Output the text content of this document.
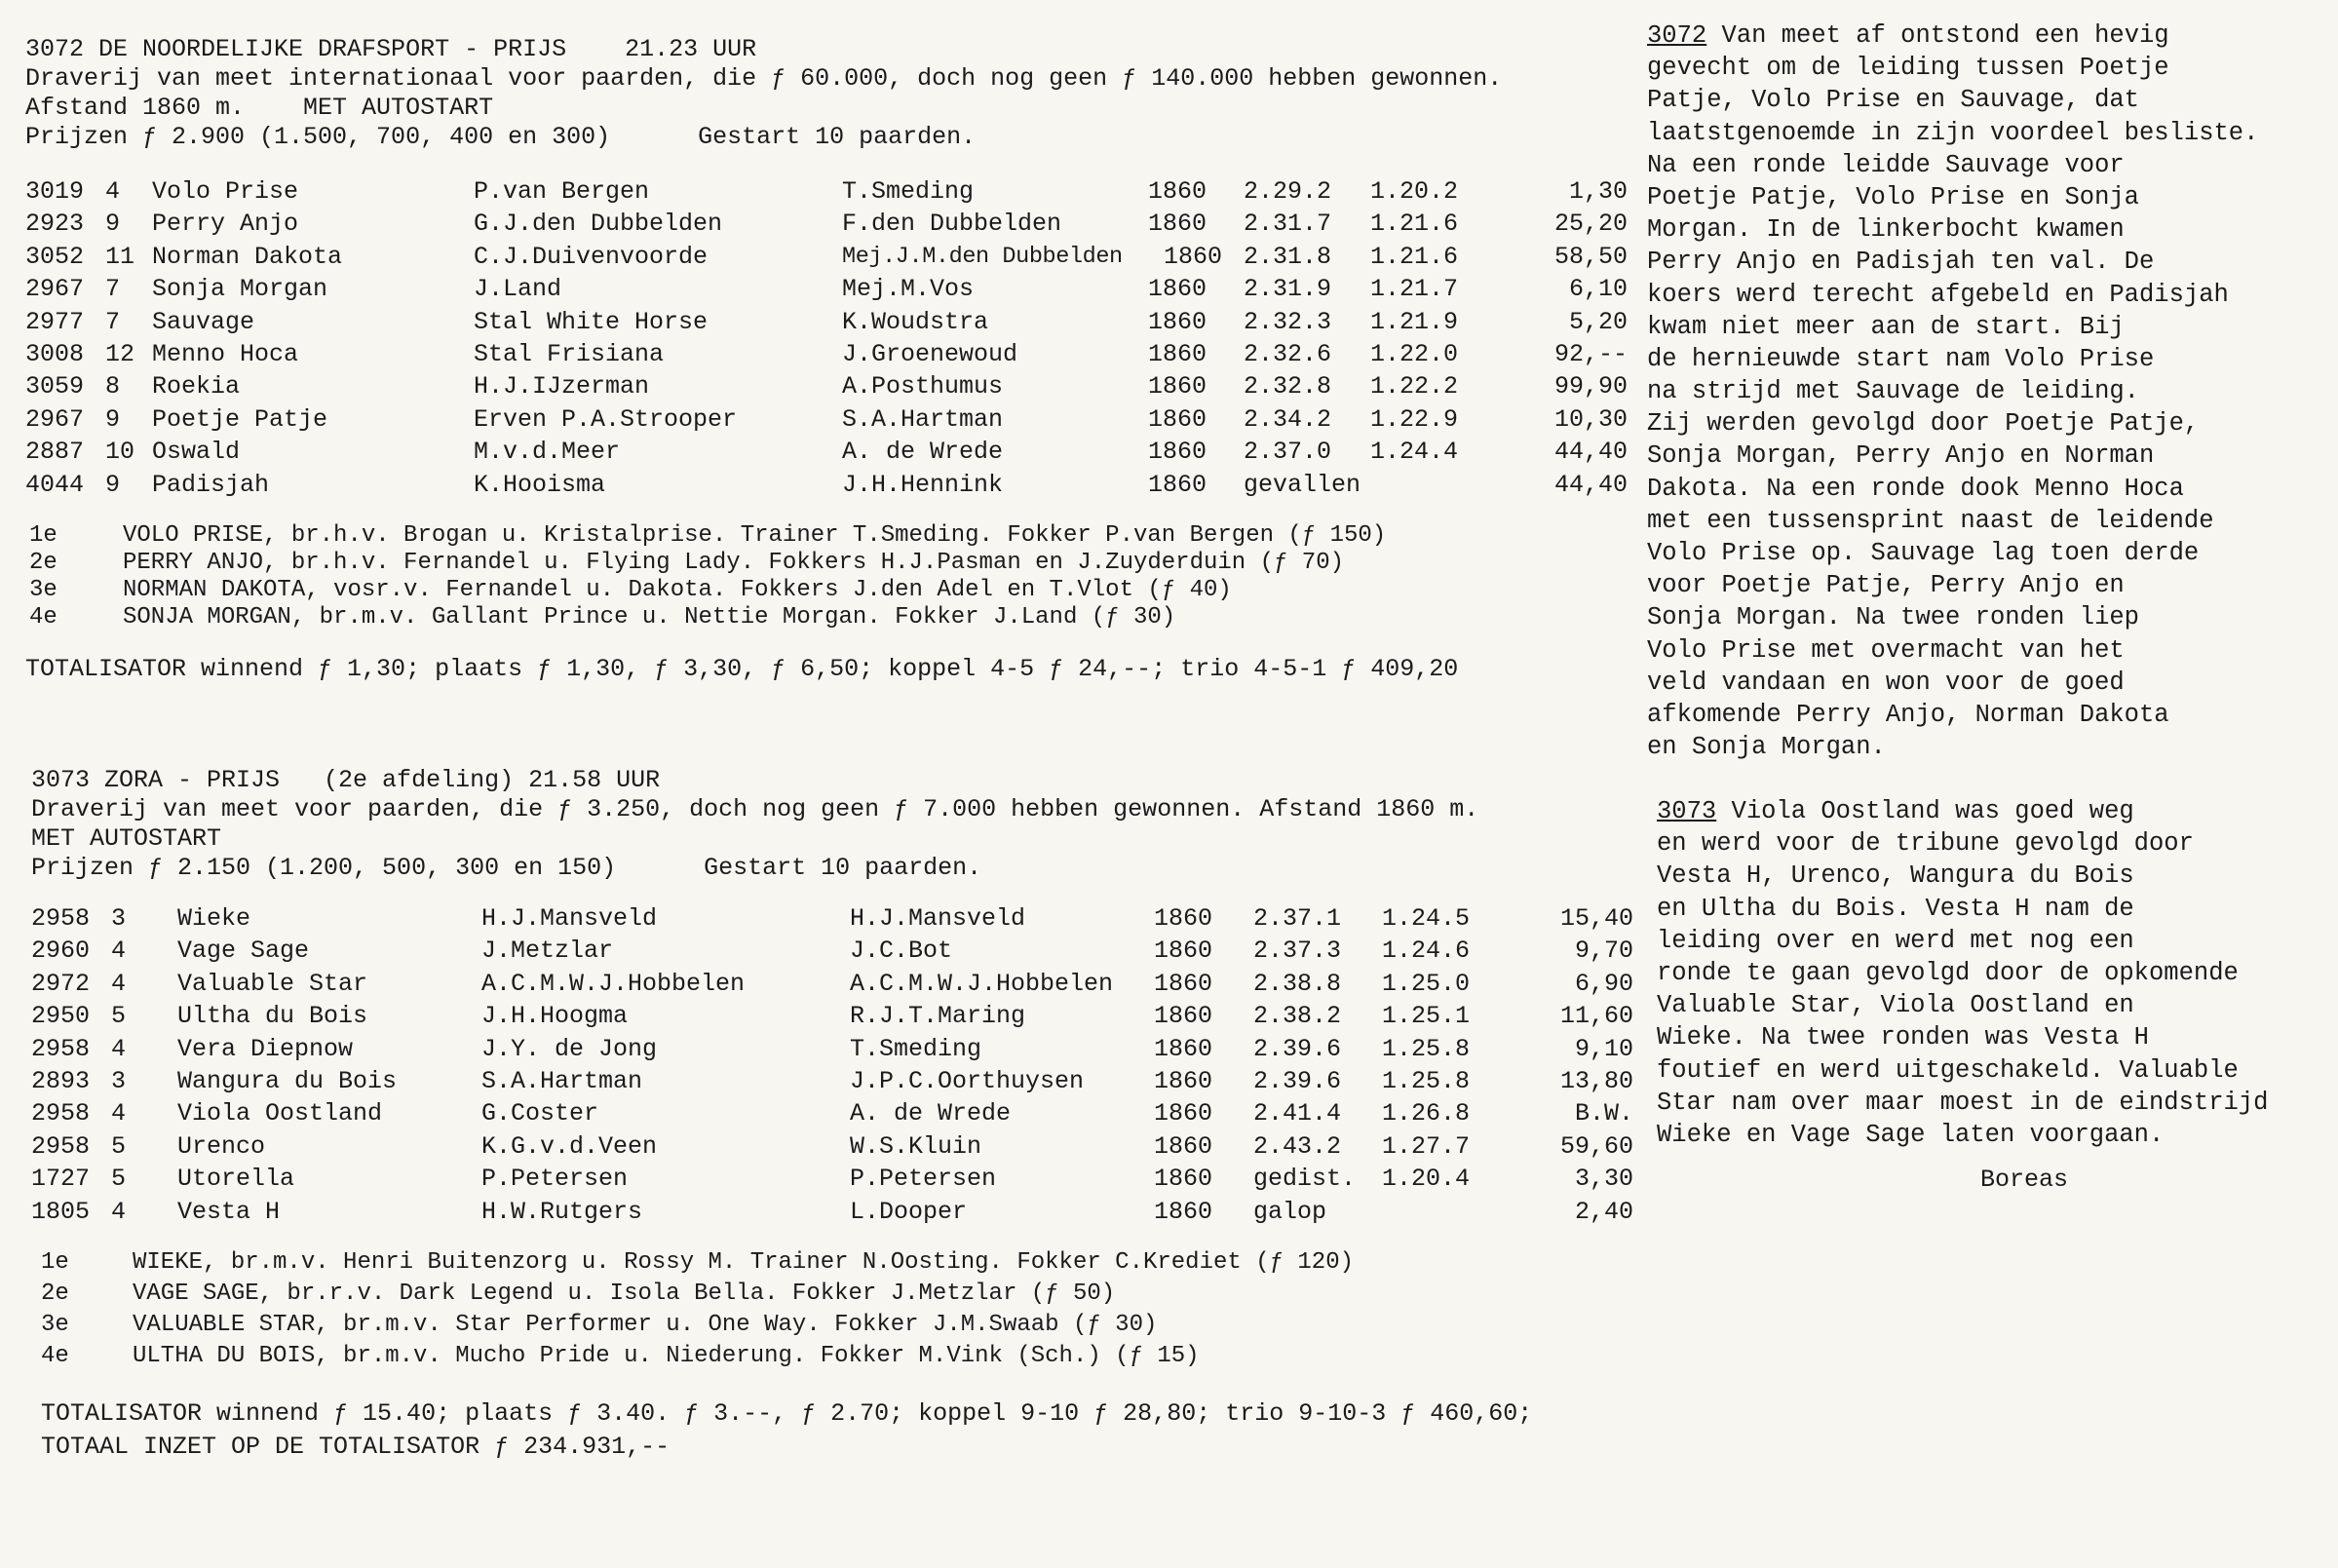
3072 DE NOORDELIJKE DRAFSPORT - PRIJS    21.23 UUR
Draverij van meet internationaal voor paarden, die ƒ 60.000, doch nog geen ƒ 140.000 hebben gewonnen.
Afstand 1860 m.    MET AUTOSTART
Prijzen ƒ 2.900 (1.500, 700, 400 en 300)      Gestart 10 paarden.
3019 4 Volo Prise	P.van Bergen	T.Smeding	1860 2.29.2 1.20.2	1,30
2923 9 Perry Anjo	G.J.den Dubbelden	F.den Dubbelden	1860 2.31.7 1.21.6	25,20
3052 11 Norman Dakota	C.J.Duivenvoorde	Mej.J.M.den Dubbelden 1860 2.31.8 1.21.6	58,50
2967 7 Sonja Morgan	J.Land	Mej.M.Vos	1860 2.31.9 1.21.7	6,10
2977 7 Sauvage	Stal White Horse	K.Woudstra	1860 2.32.3 1.21.9	5,20
3008 12 Menno Hoca	Stal Frisiana	J.Groenewoud	1860 2.32.6 1.22.0	92,--
3059 8 Roekia	H.J.IJzerman	A.Posthumus	1860 2.32.8 1.22.2	99,90
2967 9 Poetje Patje	Erven P.A.Strooper	S.A.Hartman	1860 2.34.2 1.22.9	10,30
2887 10 Oswald	M.v.d.Meer	A. de Wrede	1860 2.37.0 1.24.4	44,40
4044 9 Padisjah	K.Hooisma	J.H.Hennink	1860 gevallen	44,40
1e	VOLO PRISE, br.h.v. Brogan u. Kristalprise. Trainer T.Smeding. Fokker P.van Bergen (ƒ 150)
2e	PERRY ANJO, br.h.v. Fernandel u. Flying Lady. Fokkers H.J.Pasman en J.Zuyderduin (ƒ 70)
3e	NORMAN DAKOTA, vosr.v. Fernandel u. Dakota. Fokkers J.den Adel en T.Vlot (ƒ 40)
4e	SONJA MORGAN, br.m.v. Gallant Prince u. Nettie Morgan. Fokker J.Land (ƒ 30)
TOTALISATOR winnend ƒ 1,30; plaats ƒ 1,30, ƒ 3,30, ƒ 6,50; koppel 4-5 ƒ 24,--; trio 4-5-1 ƒ 409,20
3073 ZORA - PRIJS   (2e afdeling) 21.58 UUR
Draverij van meet voor paarden, die ƒ 3.250, doch nog geen ƒ 7.000 hebben gewonnen. Afstand 1860 m.
MET AUTOSTART
Prijzen ƒ 2.150 (1.200, 500, 300 en 150)      Gestart 10 paarden.
2958 3 Wieke	H.J.Mansveld	H.J.Mansveld	1860 2.37.1 1.24.5	15,40
2960 4 Vage Sage	J.Metzlar	J.C.Bot	1860 2.37.3 1.24.6	9,70
2972 4 Valuable Star	A.C.M.W.J.Hobbelen	A.C.M.W.J.Hobbelen 1860 2.38.8 1.25.0	6,90
2950 5 Ultha du Bois	J.H.Hoogma	R.J.T.Maring	1860 2.38.2 1.25.1	11,60
2958 4 Vera Diepnow	J.Y. de Jong	T.Smeding	1860 2.39.6 1.25.8	9,10
2893 3 Wangura du Bois	S.A.Hartman	J.P.C.Oorthuysen	1860 2.39.6 1.25.8	13,80
2958 4 Viola Oostland	G.Coster	A. de Wrede	1860 2.41.4 1.26.8	B.W.
2958 5 Urenco	K.G.v.d.Veen	W.S.Kluin	1860 2.43.2 1.27.7	59,60
1727 5 Utorella	P.Petersen	P.Petersen	1860 gedist. 1.20.4	3,30
1805 4 Vesta H	H.W.Rutgers	L.Dooper	1860 galop	2,40
1e	WIEKE, br.m.v. Henri Buitenzorg u. Rossy M. Trainer N.Oosting. Fokker C.Krediet (ƒ 120)
2e	VAGE SAGE, br.r.v. Dark Legend u. Isola Bella. Fokker J.Metzlar (ƒ 50)
3e	VALUABLE STAR, br.m.v. Star Performer u. One Way. Fokker J.M.Swaab (ƒ 30)
4e	ULTHA DU BOIS, br.m.v. Mucho Pride u. Niederung. Fokker M.Vink (Sch.) (ƒ 15)
TOTALISATOR winnend ƒ 15.40; plaats ƒ 3.40. ƒ 3.--, ƒ 2.70; koppel 9-10 ƒ 28,80; trio 9-10-3 ƒ 460,60;
TOTAAL INZET OP DE TOTALISATOR ƒ 234.931,--
3072 Van meet af ontstond een hevig
gevecht om de leiding tussen Poetje
Patje, Volo Prise en Sauvage, dat
laatstgenoemde in zijn voordeel besliste.
Na een ronde leidde Sauvage voor
Poetje Patje, Volo Prise en Sonja
Morgan. In de linkerbocht kwamen
Perry Anjo en Padisjah ten val. De
koers werd terecht afgebeld en Padisjah
kwam niet meer aan de start. Bij
de hernieuwde start nam Volo Prise
na strijd met Sauvage de leiding.
Zij werden gevolgd door Poetje Patje,
Sonja Morgan, Perry Anjo en Norman
Dakota. Na een ronde dook Menno Hoca
met een tussensprint naast de leidende
Volo Prise op. Sauvage lag toen derde
voor Poetje Patje, Perry Anjo en
Sonja Morgan. Na twee ronden liep
Volo Prise met overmacht van het
veld vandaan en won voor de goed
afkomende Perry Anjo, Norman Dakota
en Sonja Morgan.
3073 Viola Oostland was goed weg
en werd voor de tribune gevolgd door
Vesta H, Urenco, Wangura du Bois
en Ultha du Bois. Vesta H nam de
leiding over en werd met nog een
ronde te gaan gevolgd door de opkomende
Valuable Star, Viola Oostland en
Wieke. Na twee ronden was Vesta H
foutief en werd uitgeschakeld. Valuable
Star nam over maar moest in de eindstrijd
Wieke en Vage Sage laten voorgaan.
Boreas
